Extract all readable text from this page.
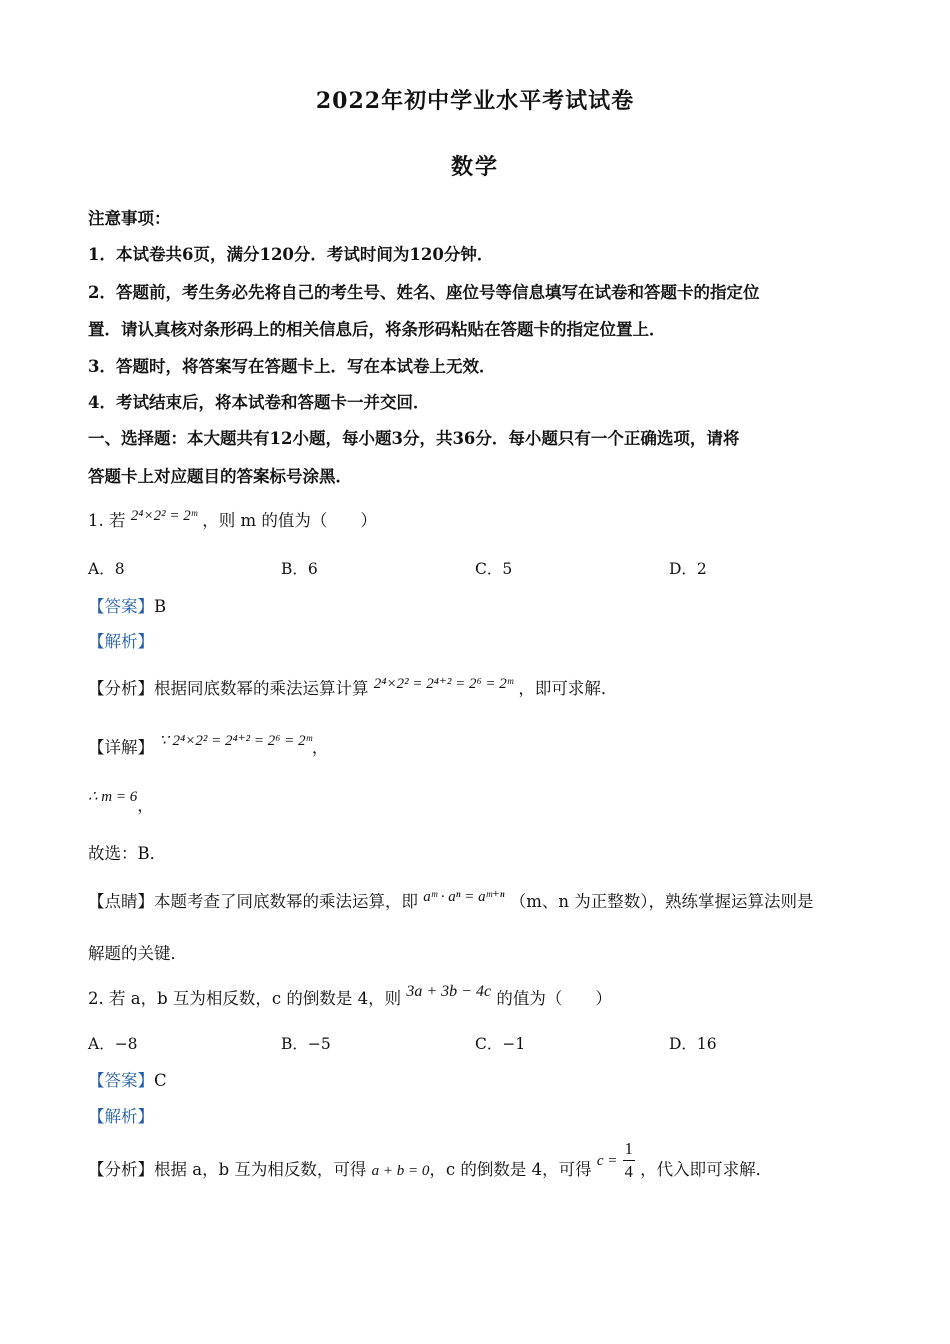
2022年初中学业水平考试试卷
数学
注意事项：
1．本试卷共6页，满分120分．考试时间为120分钟．
2．答题前，考生务必先将自己的考生号、姓名、座位号等信息填写在试卷和答题卡的指定位
置．请认真核对条形码上的相关信息后，将条形码粘贴在答题卡的指定位置上．
3．答题时，将答案写在答题卡上．写在本试卷上无效．
4．考试结束后，将本试卷和答题卡一并交回．
一、选择题：本大题共有12小题，每小题3分，共36分．每小题只有一个正确选项，请将
答题卡上对应题目的答案标号涂黑．
1. 若 2⁴×2² = 2ᵐ ，则 m 的值为（　　）
A．8	B．6	C．5	D．2
【答案】B
【解析】
【分析】根据同底数幂的乘法运算计算 2⁴×2² = 2⁴⁺² = 2⁶ = 2ᵐ ，即可求解．
【详解】 ∵ 2⁴×2² = 2⁴⁺² = 2⁶ = 2ᵐ，
∴ m = 6，
故选：B．
【点睛】本题考查了同底数幂的乘法运算，即 aᵐ · aⁿ = aᵐ⁺ⁿ （m、n 为正整数），熟练掌握运算法则是
解题的关键．
2. 若 a，b 互为相反数，c 的倒数是 4，则 3a + 3b − 4c 的值为（　　）
A．−8	B．−5	C．−1	D．16
【答案】C
【解析】
【分析】根据 a，b 互为相反数，可得 a + b = 0，c 的倒数是 4，可得 $c = \frac{1}{4}$ ，代入即可求解．
